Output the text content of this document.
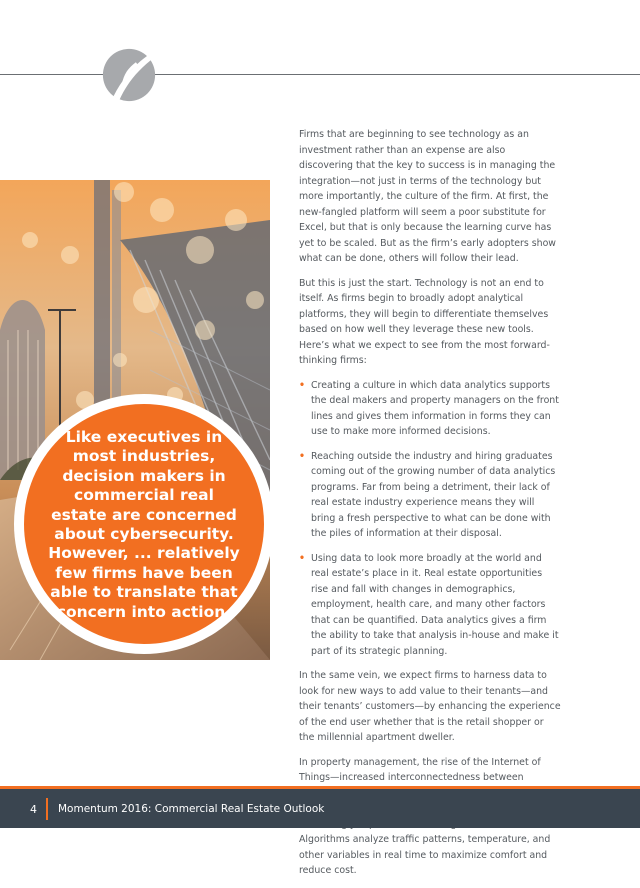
Like executives in most industries, decision makers in commercial real estate are concerned about cybersecurity. However, ... relatively few firms have been able to translate that concern into action.

Firms that are beginning to see technology as an investment rather than an expense are also discovering that the key to success is in managing the integration—not just in terms of the technology but more importantly, the culture of the firm. At first, the new-fangled platform will seem a poor substitute for Excel, but that is only because the learning curve has yet to be scaled. But as the firm’s early adopters show what can be done, others will follow their lead.

But this is just the start. Technology is not an end to itself. As firms begin to broadly adopt analytical platforms, they will begin to differentiate themselves based on how well they leverage these new tools. Here’s what we expect to see from the most forward-thinking firms:

• Creating a culture in which data analytics supports the deal makers and property managers on the front lines and gives them information in forms they can use to make more informed decisions.
• Reaching outside the industry and hiring graduates coming out of the growing number of data analytics programs. Far from being a detriment, their lack of real estate industry experience means they will bring a fresh perspective to what can be done with the piles of information at their disposal.
• Using data to look more broadly at the world and real estate’s place in it. Real estate opportunities rise and fall with changes in demographics, employment, health care, and many other factors that can be quantified. Data analytics gives a firm the ability to take that analysis in-house and make it part of its strategic planning.

In the same vein, we expect firms to harness data to look for new ways to add value to their tenants—and their tenants’ customers—by enhancing the experience of the end user whether that is the retail shopper or the millennial apartment dweller.

In property management, the rise of the Internet of Things—increased interconnectedness between Algorithms analyze traffic patterns, temperature, and other variables in real time to maximize comfort and reduce cost.

4 Momentum 2016: Commercial Real Estate Outlook
